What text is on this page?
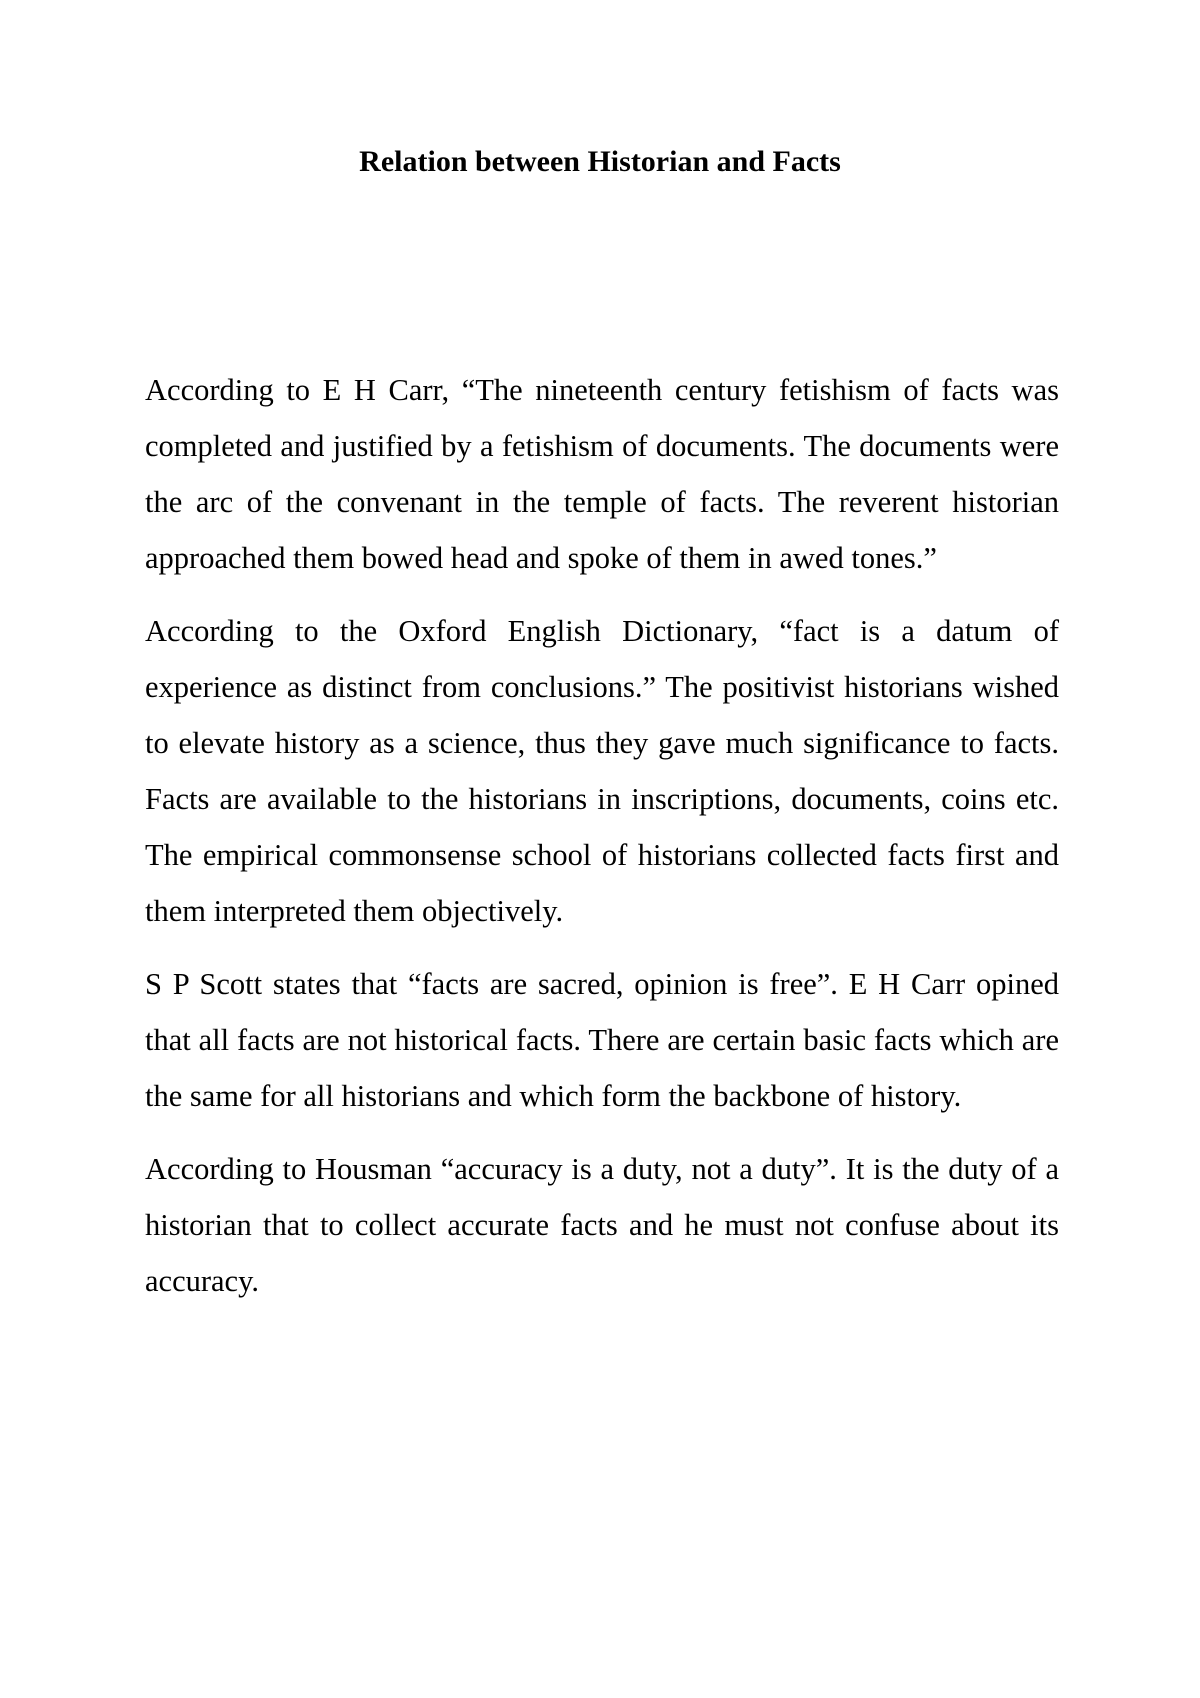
Relation between Historian and Facts

According to E H Carr, “The nineteenth century fetishism of facts was completed and justified by a fetishism of documents. The documents were the arc of the convenant in the temple of facts. The reverent historian approached them bowed head and spoke of them in awed tones.”

According to the Oxford English Dictionary, “fact is a datum of experience as distinct from conclusions.” The positivist historians wished to elevate history as a science, thus they gave much significance to facts. Facts are available to the historians in inscriptions, documents, coins etc. The empirical commonsense school of historians collected facts first and them interpreted them objectively.

S P Scott states that “facts are sacred, opinion is free”. E H Carr opined that all facts are not historical facts. There are certain basic facts which are the same for all historians and which form the backbone of history.

According to Housman “accuracy is a duty, not a duty”. It is the duty of a historian that to collect accurate facts and he must not confuse about its accuracy.
